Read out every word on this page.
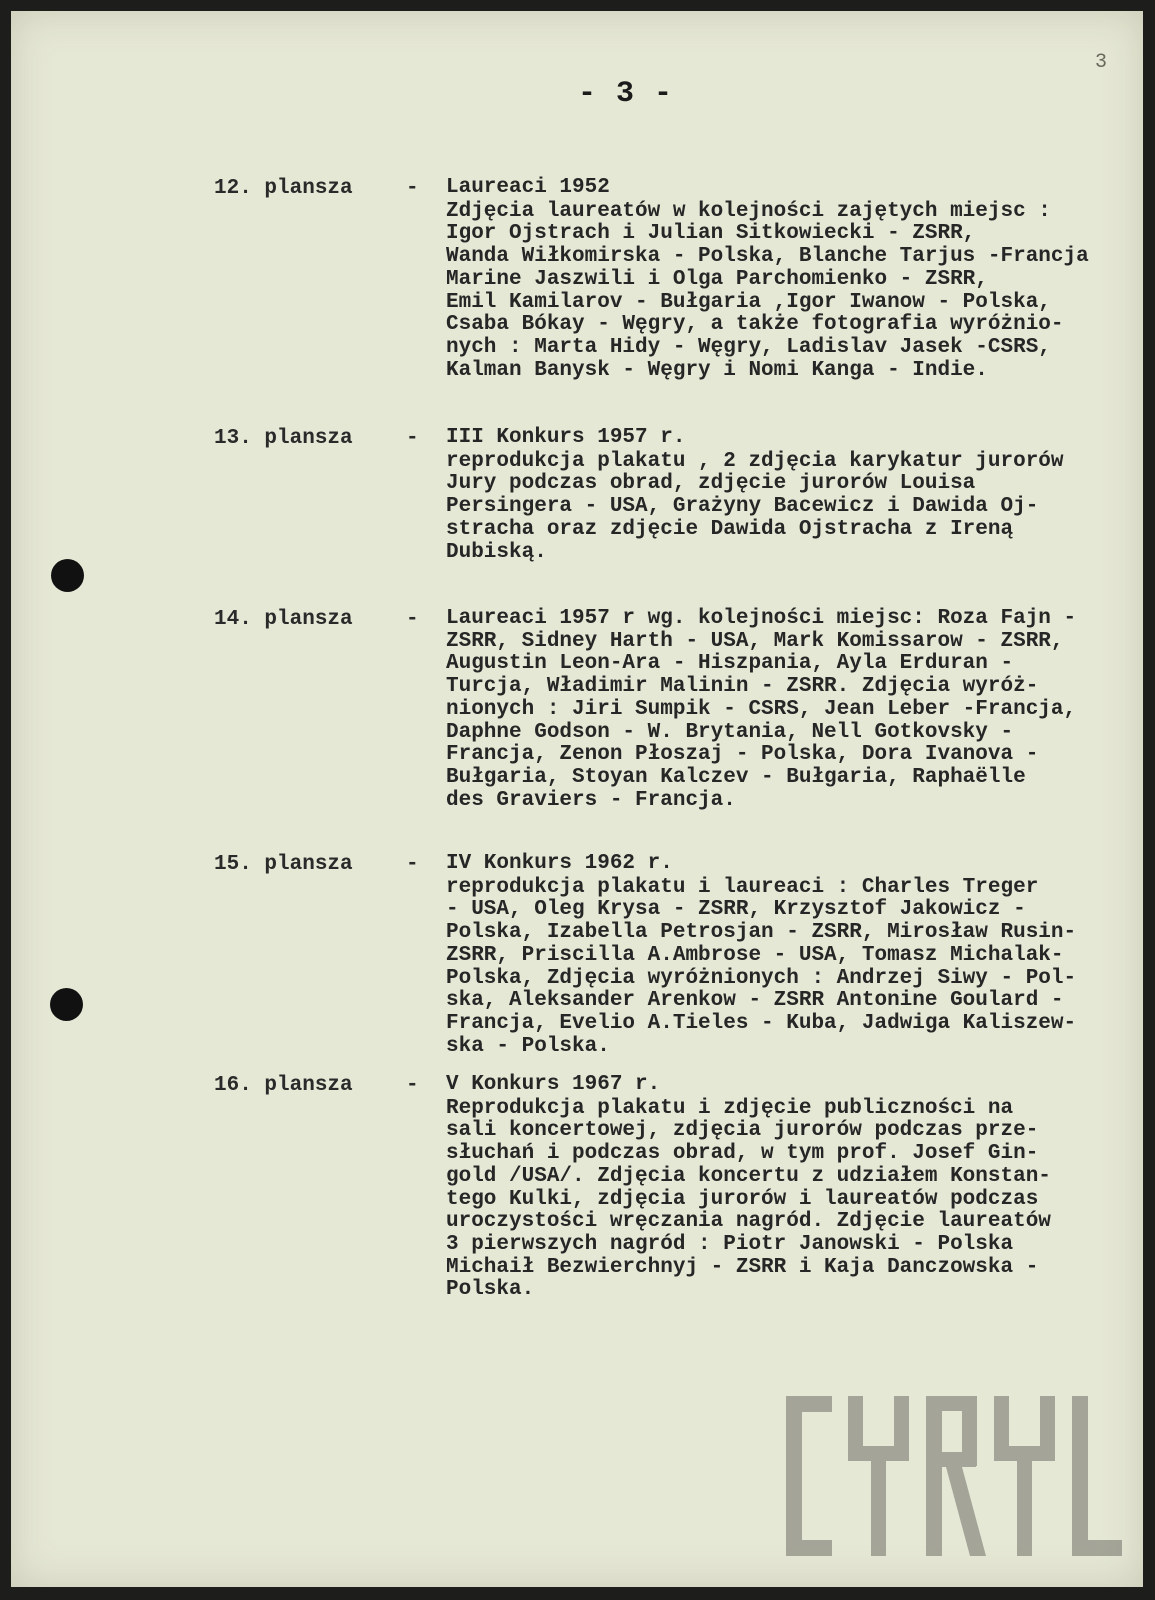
- 3 -
3
12. plansza	- Laureaci 1952
Zdjęcia laureatów w kolejności zajętych miejsc :
Igor Ojstrach i Julian Sitkowiecki - ZSRR,
Wanda Wiłkomirska - Polska, Blanche Tarjus -Francja
Marine Jaszwili i Olga Parchomienko - ZSRR,
Emil Kamilarov - Bułgaria ,Igor Iwanow - Polska,
Csaba Bókay - Węgry, a także fotografia wyróżnio-
nych : Marta Hidy - Węgry, Ladislav Jasek -CSRS,
Kalman Banysk - Węgry i Nomi Kanga - Indie.
13. plansza	- III Konkurs 1957 r.
reprodukcja plakatu , 2 zdjęcia karykatur jurorów
Jury podczas obrad, zdjęcie jurorów Louisa
Persingera - USA, Grażyny Bacewicz i Dawida Oj-
stracha oraz zdjęcie Dawida Ojstracha z Ireną
Dubiską.
14. plansza	- Laureaci 1957 r wg. kolejności miejsc: Roza Fajn -
ZSRR, Sidney Harth - USA, Mark Komissarow - ZSRR,
Augustin Leon-Ara - Hiszpania, Ayla Erduran -
Turcja, Władimir Malinin - ZSRR. Zdjęcia wyróż-
nionych : Jiri Sumpik - CSRS, Jean Leber -Francja,
Daphne Godson - W. Brytania, Nell Gotkovsky -
Francja, Zenon Płoszaj - Polska, Dora Ivanova -
Bułgaria, Stoyan Kalczev - Bułgaria, Raphaëlle
des Graviers - Francja.
15. plansza	- IV Konkurs 1962 r.
reprodukcja plakatu i laureaci : Charles Treger
- USA, Oleg Krysa - ZSRR, Krzysztof Jakowicz -
Polska, Izabella Petrosjan - ZSRR, Mirosław Rusin-
ZSRR, Priscilla A.Ambrose - USA, Tomasz Michalak-
Polska, Zdjęcia wyróżnionych : Andrzej Siwy - Pol-
ska, Aleksander Arenkow - ZSRR Antonine Goulard -
Francja, Evelio A.Tieles - Kuba, Jadwiga Kaliszew-
ska - Polska.
16. plansza	- V Konkurs 1967 r.
Reprodukcja plakatu i zdjęcie publiczności na
sali koncertowej, zdjęcia jurorów podczas prze-
słuchań i podczas obrad, w tym prof. Josef Gin-
gold /USA/. Zdjęcia koncertu z udziałem Konstan-
tego Kulki, zdjęcia jurorów i laureatów podczas
uroczystości wręczania nagród. Zdjęcie laureatów
3 pierwszych nagród : Piotr Janowski - Polska
Michaił Bezwierchnyj - ZSRR i Kaja Danczowska -
Polska.
